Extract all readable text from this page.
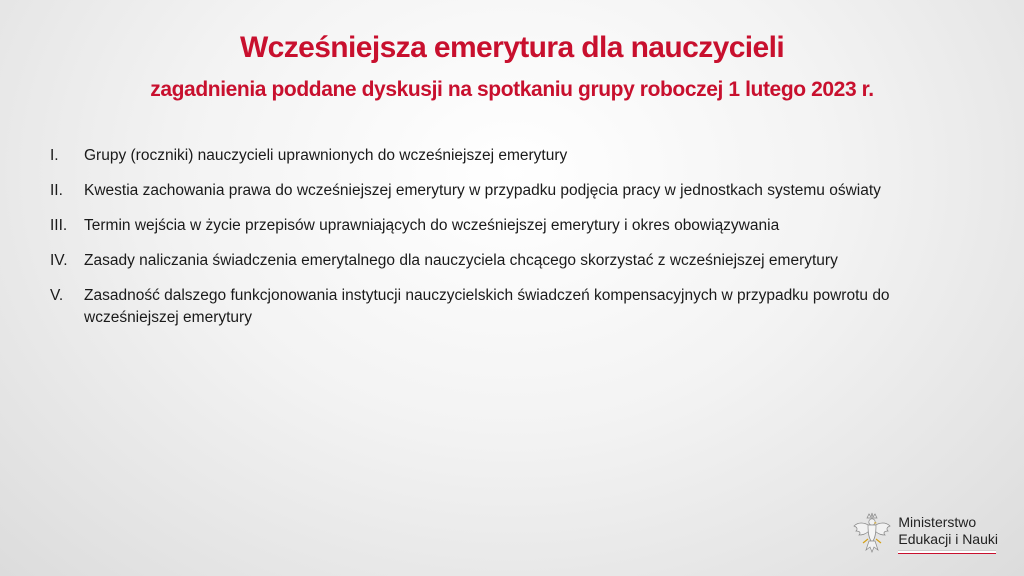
Wcześniejsza emerytura dla nauczycieli
zagadnienia poddane dyskusji na spotkaniu grupy roboczej 1 lutego 2023 r.
I.	Grupy (roczniki) nauczycieli uprawnionych do wcześniejszej emerytury
II.	Kwestia zachowania prawa do wcześniejszej emerytury w przypadku podjęcia pracy w jednostkach systemu oświaty
III.	Termin wejścia w życie przepisów uprawniających do wcześniejszej emerytury i okres obowiązywania
IV.	Zasady naliczania świadczenia emerytalnego dla nauczyciela chcącego skorzystać z wcześniejszej emerytury
V.	Zasadność dalszego funkcjonowania instytucji nauczycielskich świadczeń kompensacyjnych w przypadku powrotu do wcześniejszej emerytury
Ministerstwo
Edukacji i Nauki
